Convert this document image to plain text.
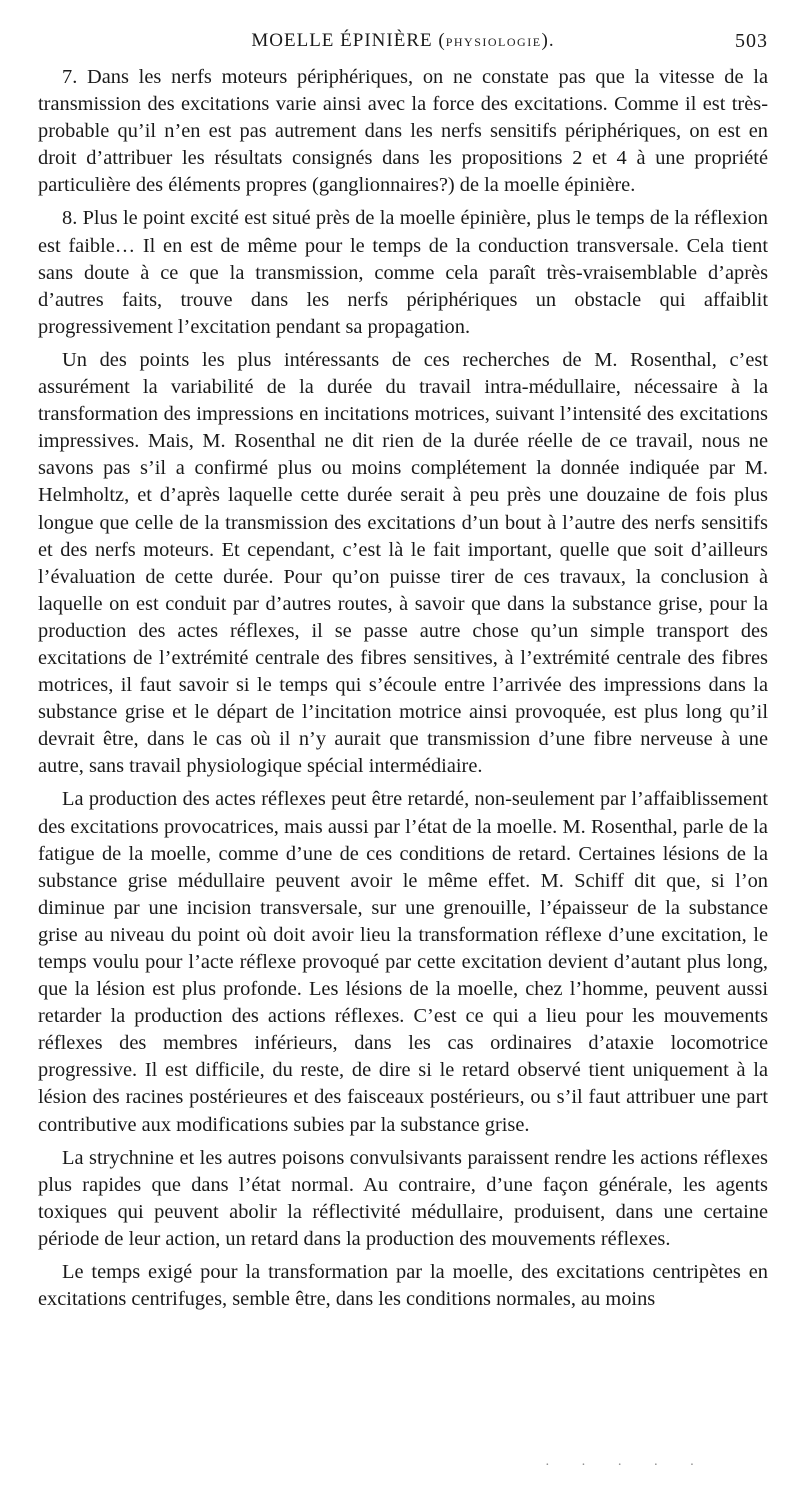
MOELLE ÉPINIÈRE (PHYSIOLOGIE).	503

7. Dans les nerfs moteurs périphériques, on ne constate pas que la vitesse de la transmission des excitations varie ainsi avec la force des excitations. Comme il est très-probable qu’il n’en est pas autrement dans les nerfs sensitifs périphériques, on est en droit d’attribuer les résultats consignés dans les propositions 2 et 4 à une propriété particulière des éléments propres (ganglionnaires?) de la moelle épinière.

8. Plus le point excité est situé près de la moelle épinière, plus le temps de la réflexion est faible… Il en est de même pour le temps de la conduction transversale. Cela tient sans doute à ce que la transmission, comme cela paraît très-vraisemblable d’après d’autres faits, trouve dans les nerfs périphériques un obstacle qui affaiblit progressivement l’excitation pendant sa propagation.

Un des points les plus intéressants de ces recherches de M. Rosenthal, c’est assurément la variabilité de la durée du travail intra-médullaire, nécessaire à la transformation des impressions en incitations motrices, suivant l’intensité des excitations impressives. Mais, M. Rosenthal ne dit rien de la durée réelle de ce travail, nous ne savons pas s’il a confirmé plus ou moins complétement la donnée indiquée par M. Helmholtz, et d’après laquelle cette durée serait à peu près une douzaine de fois plus longue que celle de la transmission des excitations d’un bout à l’autre des nerfs sensitifs et des nerfs moteurs. Et cependant, c’est là le fait important, quelle que soit d’ailleurs l’évaluation de cette durée. Pour qu’on puisse tirer de ces travaux, la conclusion à laquelle on est conduit par d’autres routes, à savoir que dans la substance grise, pour la production des actes réflexes, il se passe autre chose qu’un simple transport des excitations de l’extrémité centrale des fibres sensitives, à l’extrémité centrale des fibres motrices, il faut savoir si le temps qui s’écoule entre l’arrivée des impressions dans la substance grise et le départ de l’incitation motrice ainsi provoquée, est plus long qu’il devrait être, dans le cas où il n’y aurait que transmission d’une fibre nerveuse à une autre, sans travail physiologique spécial intermédiaire.

La production des actes réflexes peut être retardé, non-seulement par l’affaiblissement des excitations provocatrices, mais aussi par l’état de la moelle. M. Rosenthal, parle de la fatigue de la moelle, comme d’une de ces conditions de retard. Certaines lésions de la substance grise médullaire peuvent avoir le même effet. M. Schiff dit que, si l’on diminue par une incision transversale, sur une grenouille, l’épaisseur de la substance grise au niveau du point où doit avoir lieu la transformation réflexe d’une excitation, le temps voulu pour l’acte réflexe provoqué par cette excitation devient d’autant plus long, que la lésion est plus profonde. Les lésions de la moelle, chez l’homme, peuvent aussi retarder la production des actions réflexes. C’est ce qui a lieu pour les mouvements réflexes des membres inférieurs, dans les cas ordinaires d’ataxie locomotrice progressive. Il est difficile, du reste, de dire si le retard observé tient uniquement à la lésion des racines postérieures et des faisceaux postérieurs, ou s’il faut attribuer une part contributive aux modifications subies par la substance grise.

La strychnine et les autres poisons convulsivants paraissent rendre les actions réflexes plus rapides que dans l’état normal. Au contraire, d’une façon générale, les agents toxiques qui peuvent abolir la réflectivité médullaire, produisent, dans une certaine période de leur action, un retard dans la production des mouvements réflexes.

Le temps exigé pour la transformation par la moelle, des excitations centripètes en excitations centrifuges, semble être, dans les conditions normales, au moins

· · · · ·
